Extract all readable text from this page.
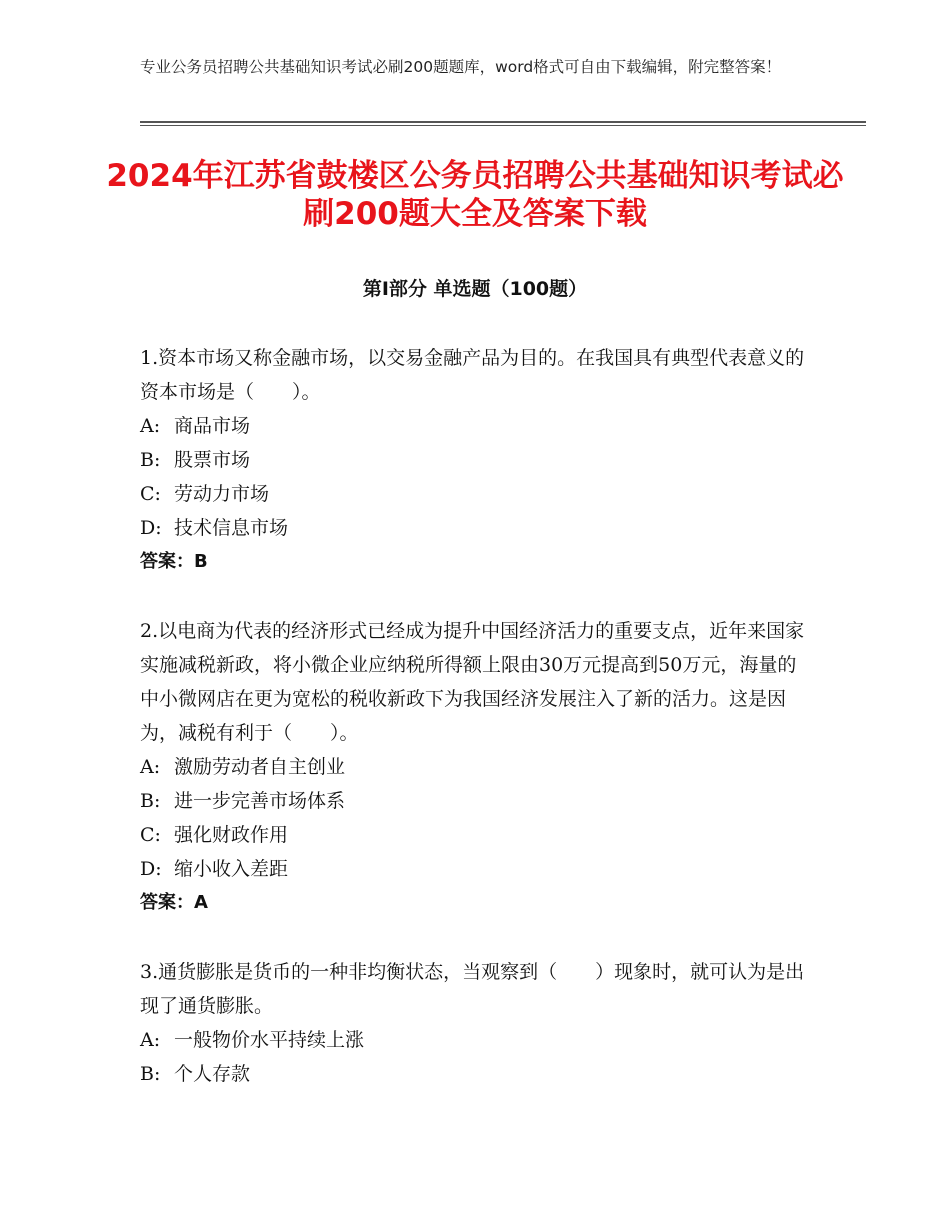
专业公务员招聘公共基础知识考试必刷200题题库，word格式可自由下载编辑，附完整答案！
2024年江苏省鼓楼区公务员招聘公共基础知识考试必刷200题大全及答案下载
第Ⅰ部分 单选题（100题）

1.资本市场又称金融市场，以交易金融产品为目的。在我国具有典型代表意义的资本市场是（　　）。

A: 商品市场

B: 股票市场

C: 劳动力市场

D: 技术信息市场

答案：B

2.以电商为代表的经济形式已经成为提升中国经济活力的重要支点，近年来国家实施减税新政，将小微企业应纳税所得额上限由30万元提高到50万元，海量的中小微网店在更为宽松的税收新政下为我国经济发展注入了新的活力。这是因为，减税有利于（　　）。

A: 激励劳动者自主创业

B: 进一步完善市场体系

C: 强化财政作用

D: 缩小收入差距

答案：A

3.通货膨胀是货币的一种非均衡状态，当观察到（　　）现象时，就可认为是出现了通货膨胀。

A: 一般物价水平持续上涨

B: 个人存款
